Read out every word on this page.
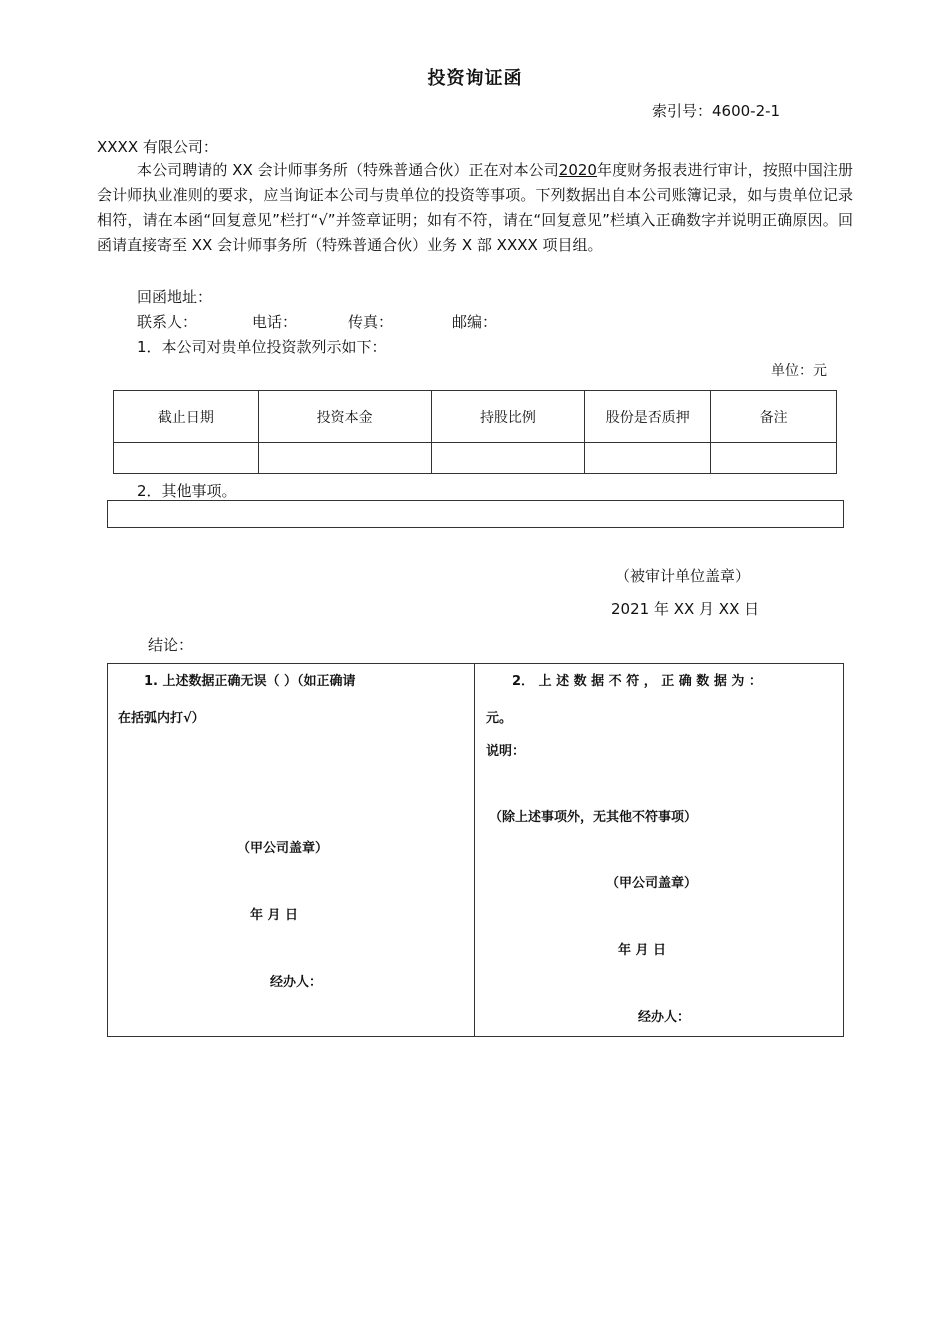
投资询证函
索引号：4600-2-1
XXXX 有限公司：
本公司聘请的 XX 会计师事务所（特殊普通合伙）正在对本公司2020年度财务报表进行审计，按照中国注册会计师执业准则的要求，应当询证本公司与贵单位的投资等事项。下列数据出自本公司账簿记录，如与贵单位记录相符，请在本函“回复意见”栏打“√”并签章证明；如有不符，请在“回复意见”栏填入正确数字并说明正确原因。回函请直接寄至 XX 会计师事务所（特殊普通合伙）业务 X 部 XXXX 项目组。
回函地址：
联系人：	电话：	传真：	邮编：
1．本公司对贵单位投资款列示如下：
单位：元
截止日期	投资本金	持股比例	股份是否质押	备注

2．其他事项。
（被审计单位盖章）
2021 年 XX 月 XX 日
结论：
1. 上述数据正确无误（ ）（如正确请
在括弧内打√）
（甲公司盖章）
年 月 日
经办人：
2． 上 述 数 据 不 符 ， 正 确 数 据 为 ：
元。
说明：
（除上述事项外，无其他不符事项）
（甲公司盖章）
年 月 日
经办人：
